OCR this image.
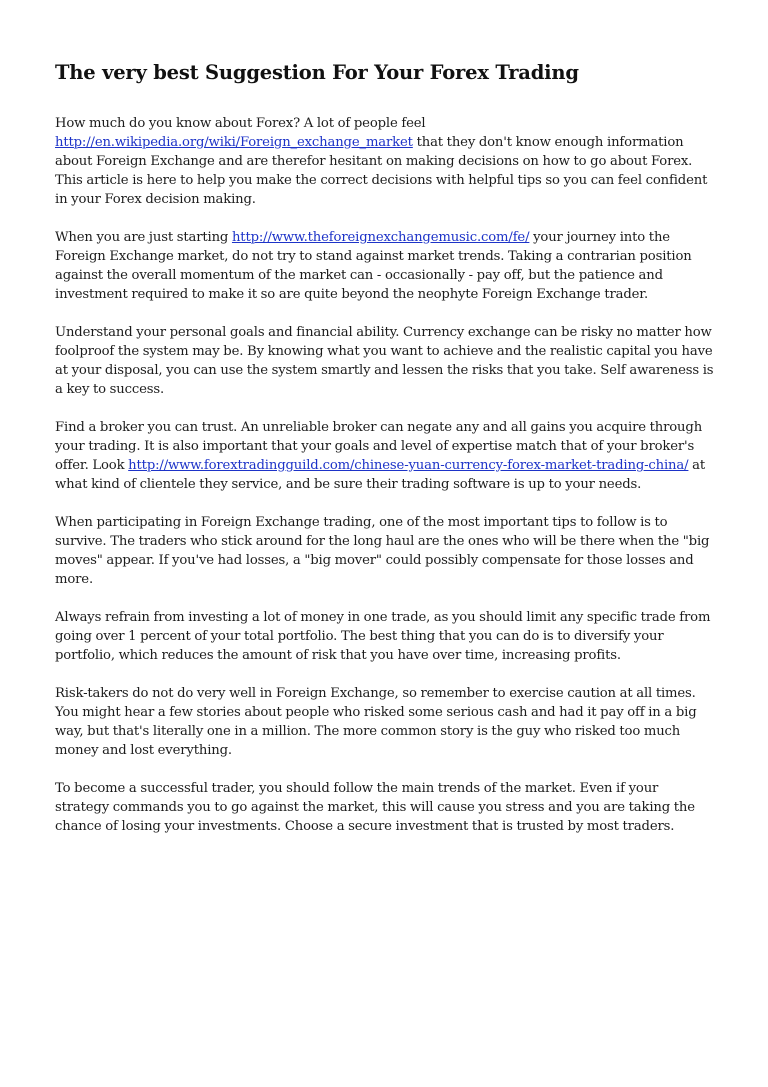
The very best Suggestion For Your Forex Trading

How much do you know about Forex? A lot of people feel http://en.wikipedia.org/wiki/Foreign_exchange_market that they don't know enough information about Foreign Exchange and are therefor hesitant on making decisions on how to go about Forex. This article is here to help you make the correct decisions with helpful tips so you can feel confident in your Forex decision making.

When you are just starting http://www.theforeignexchangemusic.com/fe/ your journey into the Foreign Exchange market, do not try to stand against market trends. Taking a contrarian position against the overall momentum of the market can - occasionally - pay off, but the patience and investment required to make it so are quite beyond the neophyte Foreign Exchange trader.

Understand your personal goals and financial ability. Currency exchange can be risky no matter how foolproof the system may be. By knowing what you want to achieve and the realistic capital you have at your disposal, you can use the system smartly and lessen the risks that you take. Self awareness is a key to success.

Find a broker you can trust. An unreliable broker can negate any and all gains you acquire through your trading. It is also important that your goals and level of expertise match that of your broker's offer. Look http://www.forextradingguild.com/chinese-yuan-currency-forex-market-trading-china/ at what kind of clientele they service, and be sure their trading software is up to your needs.

When participating in Foreign Exchange trading, one of the most important tips to follow is to survive. The traders who stick around for the long haul are the ones who will be there when the "big moves" appear. If you've had losses, a "big mover" could possibly compensate for those losses and more.

Always refrain from investing a lot of money in one trade, as you should limit any specific trade from going over 1 percent of your total portfolio. The best thing that you can do is to diversify your portfolio, which reduces the amount of risk that you have over time, increasing profits.

Risk-takers do not do very well in Foreign Exchange, so remember to exercise caution at all times. You might hear a few stories about people who risked some serious cash and had it pay off in a big way, but that's literally one in a million. The more common story is the guy who risked too much money and lost everything.

To become a successful trader, you should follow the main trends of the market. Even if your strategy commands you to go against the market, this will cause you stress and you are taking the chance of losing your investments. Choose a secure investment that is trusted by most traders.
